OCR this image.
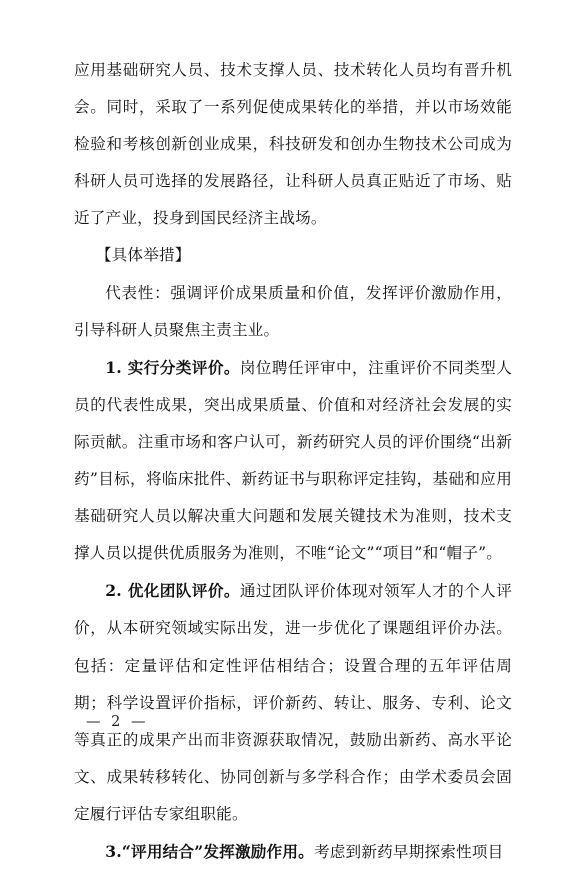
应用基础研究人员、技术支撑人员、技术转化人员均有晋升机会。同时，采取了一系列促使成果转化的举措，并以市场效能检验和考核创新创业成果，科技研发和创办生物技术公司成为科研人员可选择的发展路径，让科研人员真正贴近了市场、贴近了产业，投身到国民经济主战场。

【具体举措】

代表性：强调评价成果质量和价值，发挥评价激励作用，引导科研人员聚焦主责主业。

1. 实行分类评价。岗位聘任评审中，注重评价不同类型人员的代表性成果，突出成果质量、价值和对经济社会发展的实际贡献。注重市场和客户认可，新药研究人员的评价围绕“出新药”目标，将临床批件、新药证书与职称评定挂钩，基础和应用基础研究人员以解决重大问题和发展关键技术为准则，技术支撑人员以提供优质服务为准则，不唯“论文”“项目”和“帽子”。

2. 优化团队评价。通过团队评价体现对领军人才的个人评价，从本研究领域实际出发，进一步优化了课题组评价办法。包括：定量评估和定性评估相结合；设置合理的五年评估周期；科学设置评价指标，评价新药、转让、服务、专利、论文等真正的成果产出而非资源获取情况，鼓励出新药、高水平论文、成果转移转化、协同创新与多学科合作；由学术委员会固定履行评估专家组职能。

3.“评用结合”发挥激励作用。考虑到新药早期探索性项目

— 2 —
